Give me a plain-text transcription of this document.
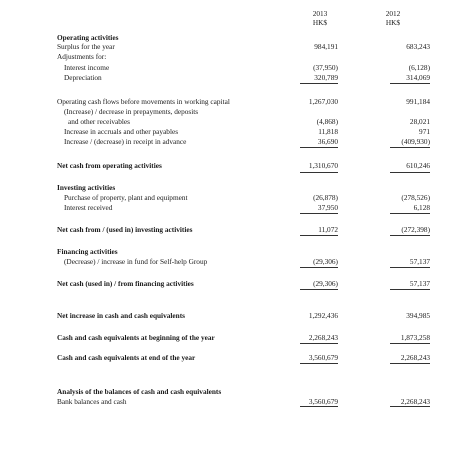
2013
HK$
2012
HK$
Operating activities
Surplus for the year	984,191	683,243
Adjustments for:
Interest income	(37,950)	(6,128)
Depreciation	320,789	314,069
Operating cash flows before movements in working capital	1,267,030	991,184
(Increase) / decrease in prepayments, deposits
and other receivables	(4,868)	28,021
Increase in accruals and other payables	11,818	971
Increase / (decrease) in receipt in advance	36,690	(409,930)
Net cash from operating activities	1,310,670	610,246
Investing activities
Purchase of property, plant and equipment	(26,878)	(278,526)
Interest received	37,950	6,128
Net cash from / (used in) investing activities	11,072	(272,398)
Financing activities
(Decrease) / increase in fund for Self-help Group	(29,306)	57,137
Net cash (used in) / from financing activities	(29,306)	57,137
Net increase in cash and cash equivalents	1,292,436	394,985
Cash and cash equivalents at beginning of the year	2,268,243	1,873,258
Cash and cash equivalents at end of the year	3,560,679	2,268,243
Analysis of the balances of cash and cash equivalents
Bank balances and cash	3,560,679	2,268,243
